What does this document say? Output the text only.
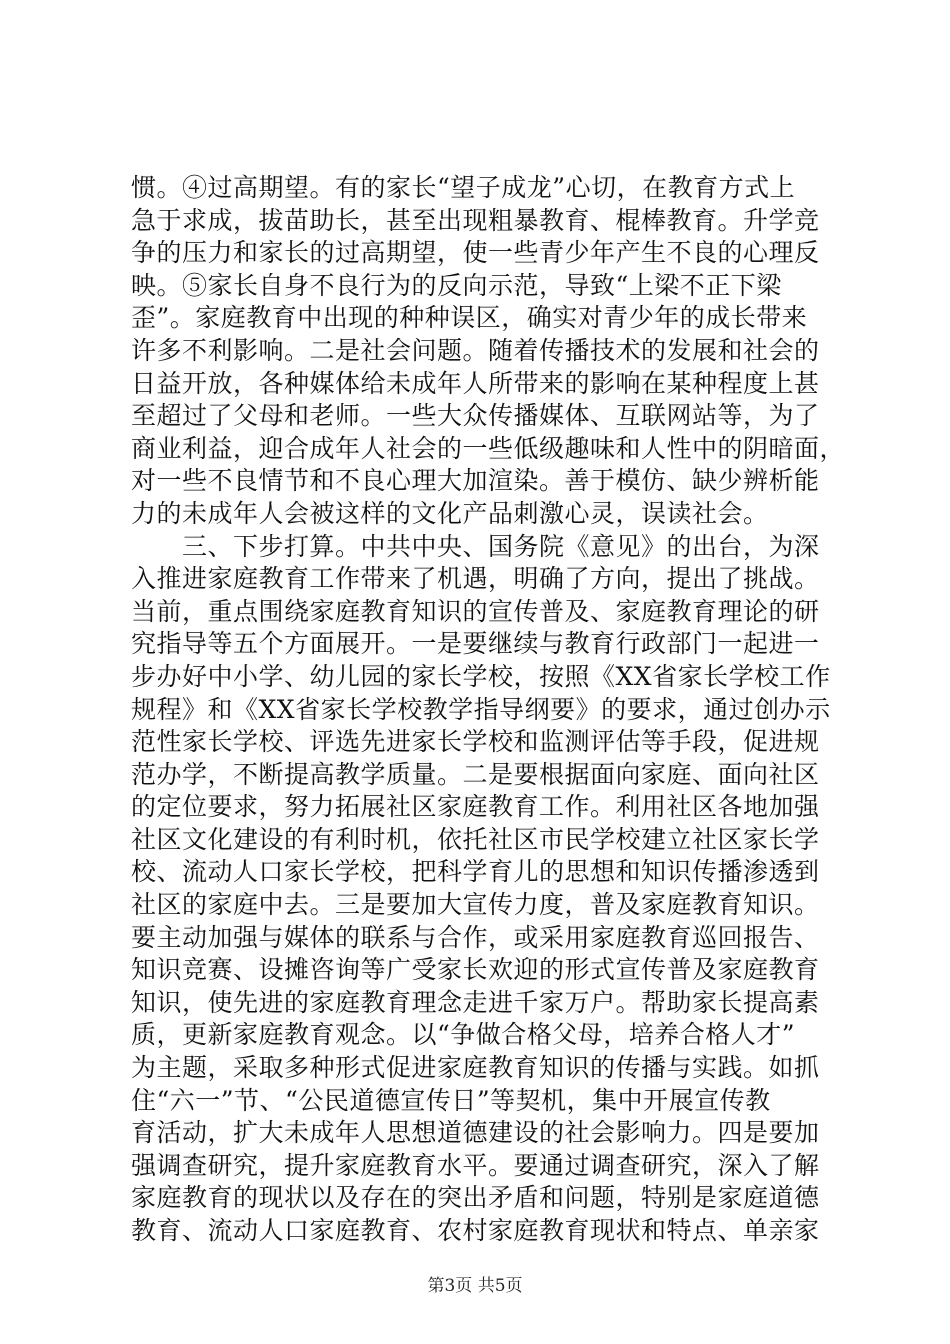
惯。④过高期望。有的家长“望子成龙”心切，在教育方式上
急于求成，拔苗助长，甚至出现粗暴教育、棍棒教育。升学竞
争的压力和家长的过高期望，使一些青少年产生不良的心理反
映。⑤家长自身不良行为的反向示范，导致“上梁不正下梁
歪”。家庭教育中出现的种种误区，确实对青少年的成长带来
许多不利影响。二是社会问题。随着传播技术的发展和社会的
日益开放，各种媒体给未成年人所带来的影响在某种程度上甚
至超过了父母和老师。一些大众传播媒体、互联网站等，为了
商业利益，迎合成年人社会的一些低级趣味和人性中的阴暗面，
对一些不良情节和不良心理大加渲染。善于模仿、缺少辨析能
力的未成年人会被这样的文化产品刺激心灵，误读社会。
　　三、下步打算。中共中央、国务院《意见》的出台，为深
入推进家庭教育工作带来了机遇，明确了方向，提出了挑战。
当前，重点围绕家庭教育知识的宣传普及、家庭教育理论的研
究指导等五个方面展开。一是要继续与教育行政部门一起进一
步办好中小学、幼儿园的家长学校，按照《XX省家长学校工作
规程》和《XX省家长学校教学指导纲要》的要求，通过创办示
范性家长学校、评选先进家长学校和监测评估等手段，促进规
范办学，不断提高教学质量。二是要根据面向家庭、面向社区
的定位要求，努力拓展社区家庭教育工作。利用社区各地加强
社区文化建设的有利时机，依托社区市民学校建立社区家长学
校、流动人口家长学校，把科学育儿的思想和知识传播渗透到
社区的家庭中去。三是要加大宣传力度，普及家庭教育知识。
要主动加强与媒体的联系与合作，或采用家庭教育巡回报告、
知识竞赛、设摊咨询等广受家长欢迎的形式宣传普及家庭教育
知识，使先进的家庭教育理念走进千家万户。帮助家长提高素
质，更新家庭教育观念。以“争做合格父母，培养合格人才”
为主题，采取多种形式促进家庭教育知识的传播与实践。如抓
住“六一”节、“公民道德宣传日”等契机，集中开展宣传教
育活动，扩大未成年人思想道德建设的社会影响力。四是要加
强调查研究，提升家庭教育水平。要通过调查研究，深入了解
家庭教育的现状以及存在的突出矛盾和问题，特别是家庭道德
教育、流动人口家庭教育、农村家庭教育现状和特点、单亲家
第3页 共5页
